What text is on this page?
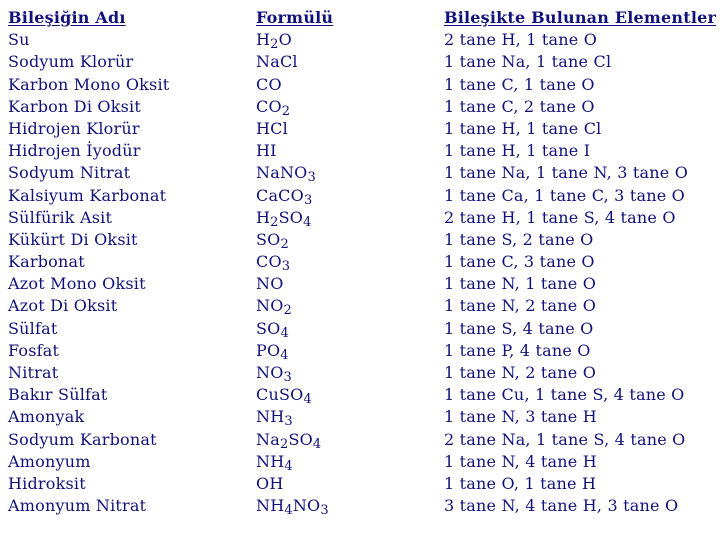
Bileşiğin Adı	Formülü	Bileşikte Bulunan Elementler
Su	H2O	2 tane H, 1 tane O
Sodyum Klorür	NaCl	1 tane Na, 1 tane Cl
Karbon Mono Oksit	CO	1 tane C, 1 tane O
Karbon Di Oksit	CO2	1 tane C, 2 tane O
Hidrojen Klorür	HCl	1 tane H, 1 tane Cl
Hidrojen İyodür	HI	1 tane H, 1 tane I
Sodyum Nitrat	NaNO3	1 tane Na, 1 tane N, 3 tane O
Kalsiyum Karbonat	CaCO3	1 tane Ca, 1 tane C, 3 tane O
Sülfürik Asit	H2SO4	2 tane H, 1 tane S, 4 tane O
Kükürt Di Oksit	SO2	1 tane S, 2 tane O
Karbonat	CO3	1 tane C, 3 tane O
Azot Mono Oksit	NO	1 tane N, 1 tane O
Azot Di Oksit	NO2	1 tane N, 2 tane O
Sülfat	SO4	1 tane S, 4 tane O
Fosfat	PO4	1 tane P, 4 tane O
Nitrat	NO3	1 tane N, 2 tane O
Bakır Sülfat	CuSO4	1 tane Cu, 1 tane S, 4 tane O
Amonyak	NH3	1 tane N, 3 tane H
Sodyum Karbonat	Na2SO4	2 tane Na, 1 tane S, 4 tane O
Amonyum	NH4	1 tane N, 4 tane H
Hidroksit	OH	1 tane O, 1 tane H
Amonyum Nitrat	NH4NO3	3 tane N, 4 tane H, 3 tane O
